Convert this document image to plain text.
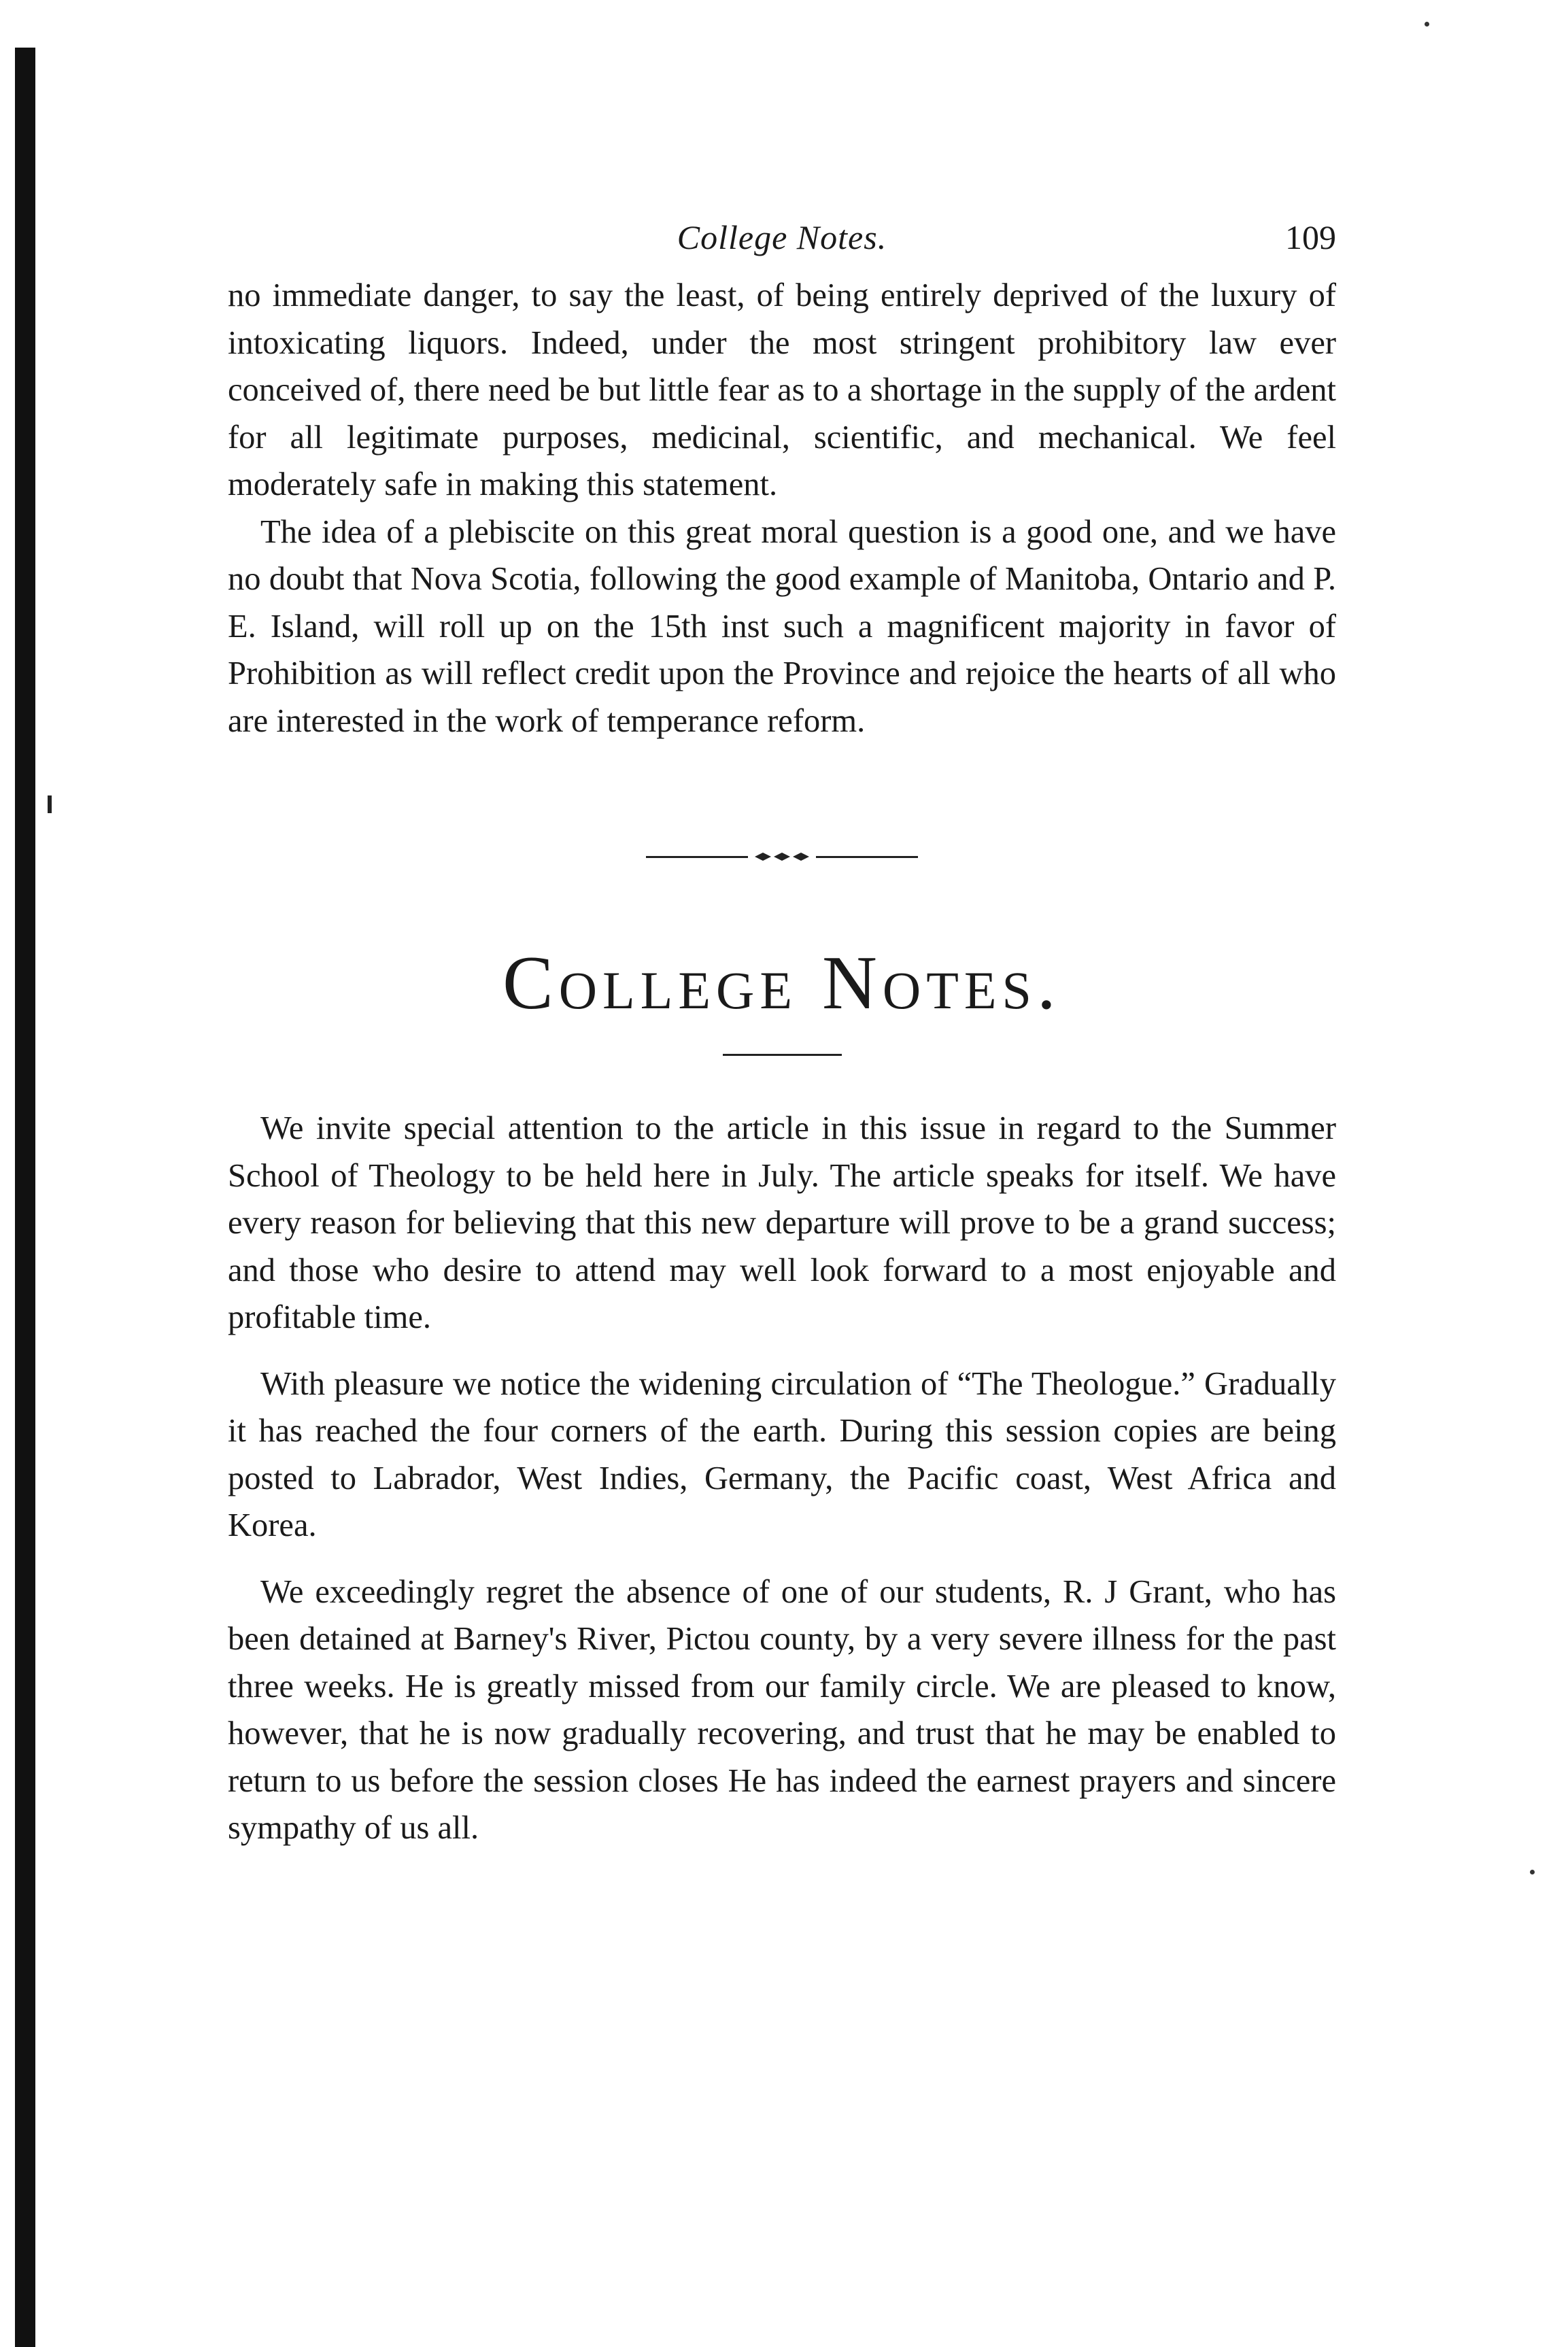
College Notes.	109

no immediate danger, to say the least, of being entirely deprived of the luxury of intoxicating liquors. Indeed, under the most stringent prohibitory law ever conceived of, there need be but little fear as to a shortage in the supply of the ardent for all legitimate purposes, medicinal, scientific, and mechanical. We feel moderately safe in making this statement.

The idea of a plebiscite on this great moral question is a good one, and we have no doubt that Nova Scotia, following the good example of Manitoba, Ontario and P. E. Island, will roll up on the 15th inst such a magnificent majority in favor of Prohibition as will reflect credit upon the Province and rejoice the hearts of all who are interested in the work of temperance reform.

College Notes.

We invite special attention to the article in this issue in regard to the Summer School of Theology to be held here in July. The article speaks for itself. We have every reason for believing that this new departure will prove to be a grand success; and those who desire to attend may well look forward to a most enjoyable and profitable time.

With pleasure we notice the widening circulation of “The Theologue.” Gradually it has reached the four corners of the earth. During this session copies are being posted to Labrador, West Indies, Germany, the Pacific coast, West Africa and Korea.

We exceedingly regret the absence of one of our students, R. J Grant, who has been detained at Barney's River, Pictou county, by a very severe illness for the past three weeks. He is greatly missed from our family circle. We are pleased to know, however, that he is now gradually recovering, and trust that he may be enabled to return to us before the session closes He has indeed the earnest prayers and sincere sympathy of us all.
